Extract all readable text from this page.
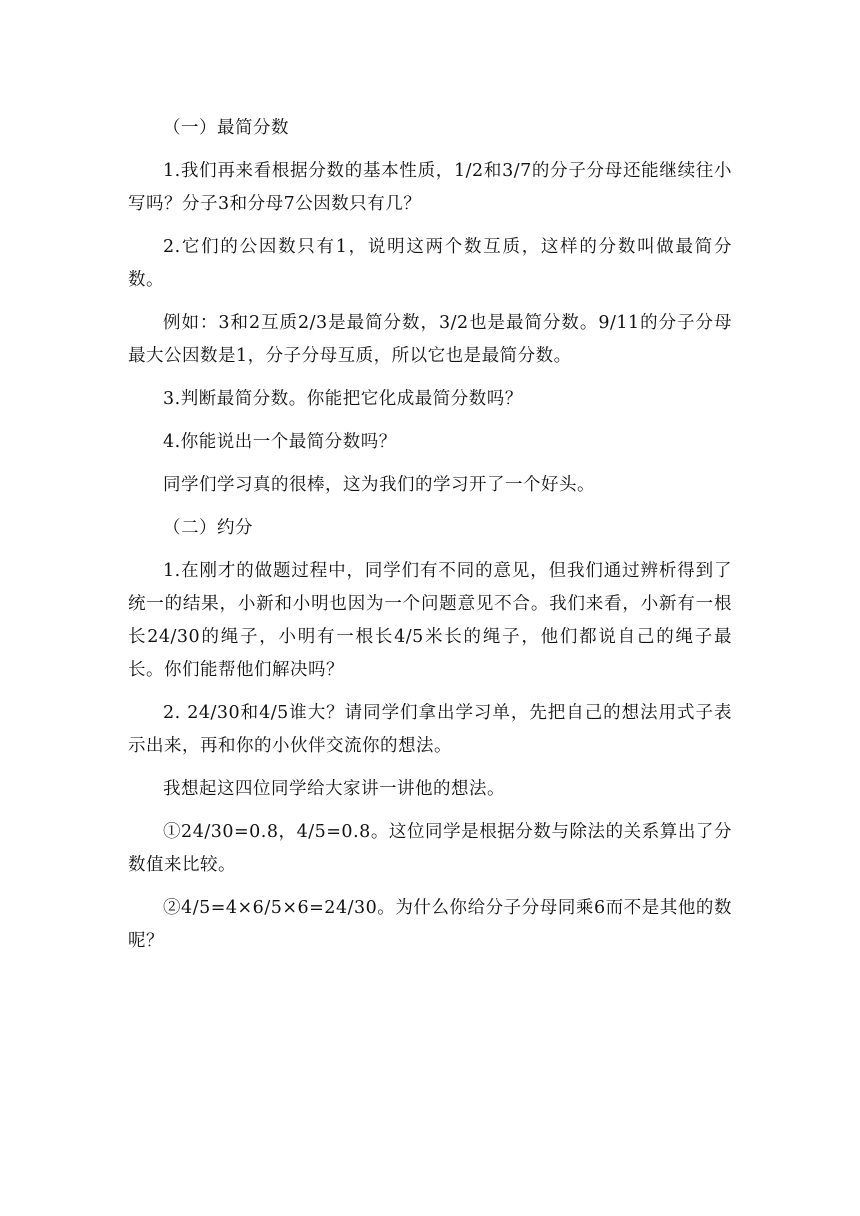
（一）最简分数

1.我们再来看根据分数的基本性质，1/2和3/7的分子分母还能继续往小写吗？分子3和分母7公因数只有几？

2.它们的公因数只有1，说明这两个数互质，这样的分数叫做最简分数。

例如：3和2互质2/3是最简分数，3/2也是最简分数。9/11的分子分母最大公因数是1，分子分母互质，所以它也是最简分数。

3.判断最简分数。你能把它化成最简分数吗？

4.你能说出一个最简分数吗？

同学们学习真的很棒，这为我们的学习开了一个好头。

（二）约分

1.在刚才的做题过程中，同学们有不同的意见，但我们通过辨析得到了统一的结果，小新和小明也因为一个问题意见不合。我们来看，小新有一根长24/30的绳子，小明有一根长4/5米长的绳子，他们都说自己的绳子最长。你们能帮他们解决吗？

2. 24/30和4/5谁大？请同学们拿出学习单，先把自己的想法用式子表示出来，再和你的小伙伴交流你的想法。

我想起这四位同学给大家讲一讲他的想法。

①24/30=0.8，4/5=0.8。这位同学是根据分数与除法的关系算出了分数值来比较。

②4/5=4×6/5×6=24/30。为什么你给分子分母同乘6而不是其他的数呢？
